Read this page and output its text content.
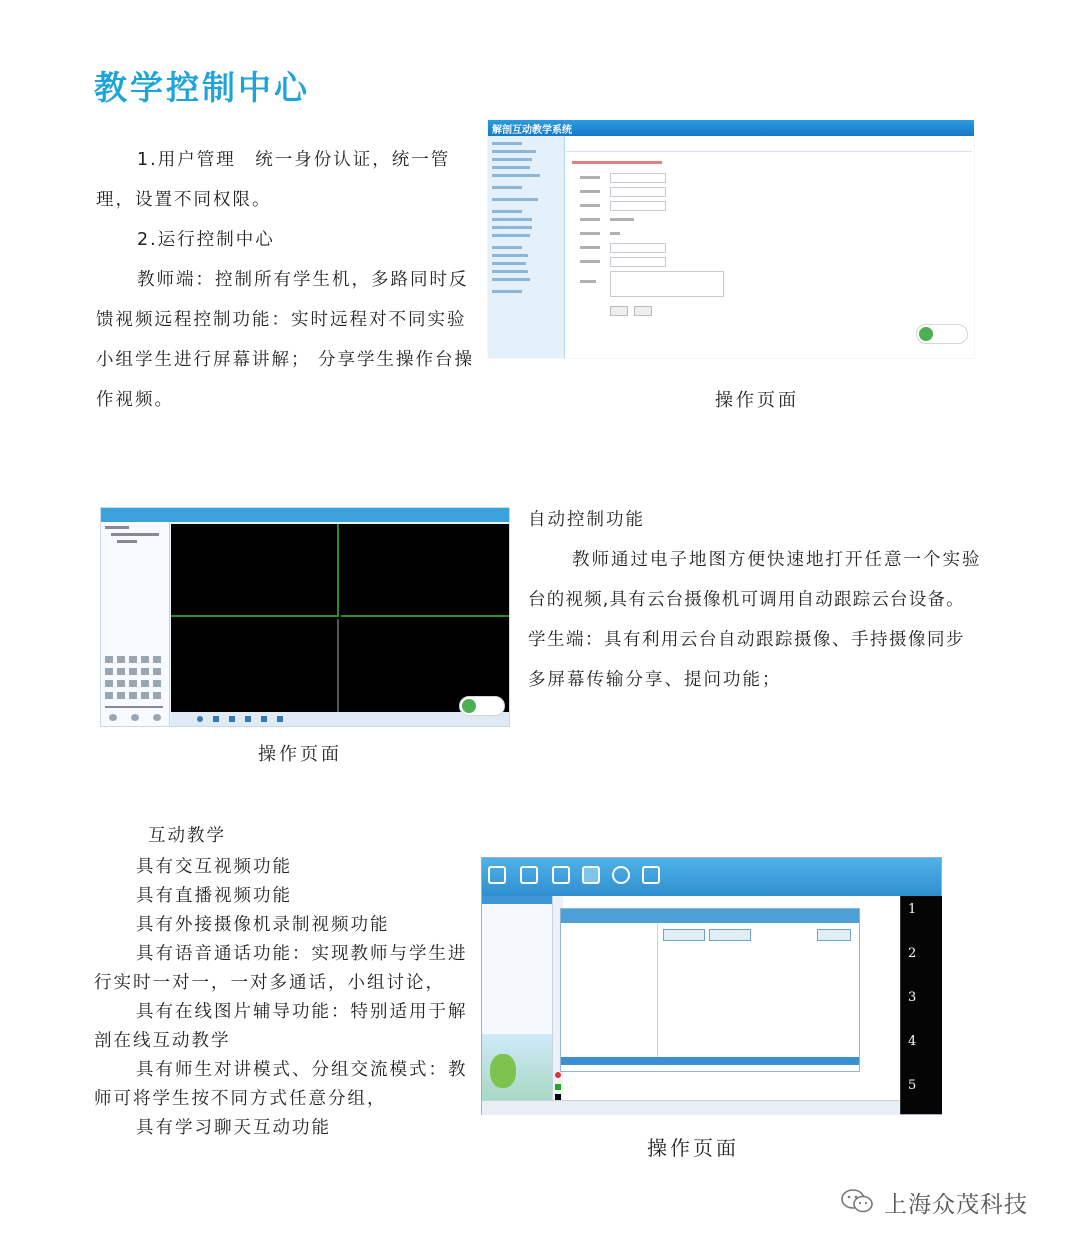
教学控制中心
1.用户管理　统一身份认证，统一管
理，设置不同权限。
2.运行控制中心
教师端：控制所有学生机，多路同时反
馈视频远程控制功能：实时远程对不同实验
小组学生进行屏幕讲解； 分享学生操作台操
作视频。
解剖互动教学系统
操作页面
操作页面
自动控制功能
教师通过电子地图方便快速地打开任意一个实验
台的视频,具有云台摄像机可调用自动跟踪云台设备。
学生端：具有利用云台自动跟踪摄像、手持摄像同步
多屏幕传输分享、提问功能；
互动教学
具有交互视频功能
具有直播视频功能
具有外接摄像机录制视频功能
具有语音通话功能：实现教师与学生进
行实时一对一，一对多通话，小组讨论，
具有在线图片辅导功能：特别适用于解
剖在线互动教学
具有师生对讲模式、分组交流模式：教
师可将学生按不同方式任意分组，
具有学习聊天互动功能
1
2
3
4
5
操作页面
上海众茂科技
